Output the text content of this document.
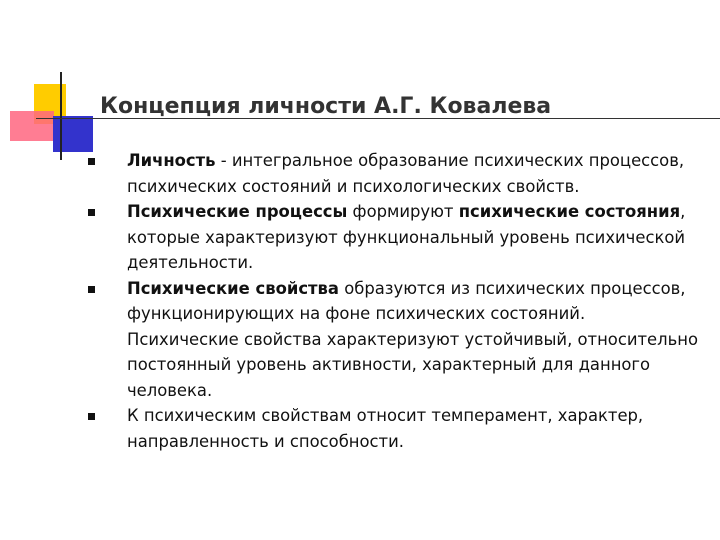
Концепция личности А.Г. Ковалева
Личность - интегральное образование психических процессов, психических состояний и психологических свойств.
Психические процессы формируют психические состояния, которые характеризуют функциональный уровень психической деятельности.
Психические свойства образуются из психических процессов, функционирующих на фоне психических состояний. Психические свойства характеризуют устойчивый, относительно постоянный уровень активности, характерный для данного человека.
К психическим свойствам относит темперамент, характер, направленность и способности.
